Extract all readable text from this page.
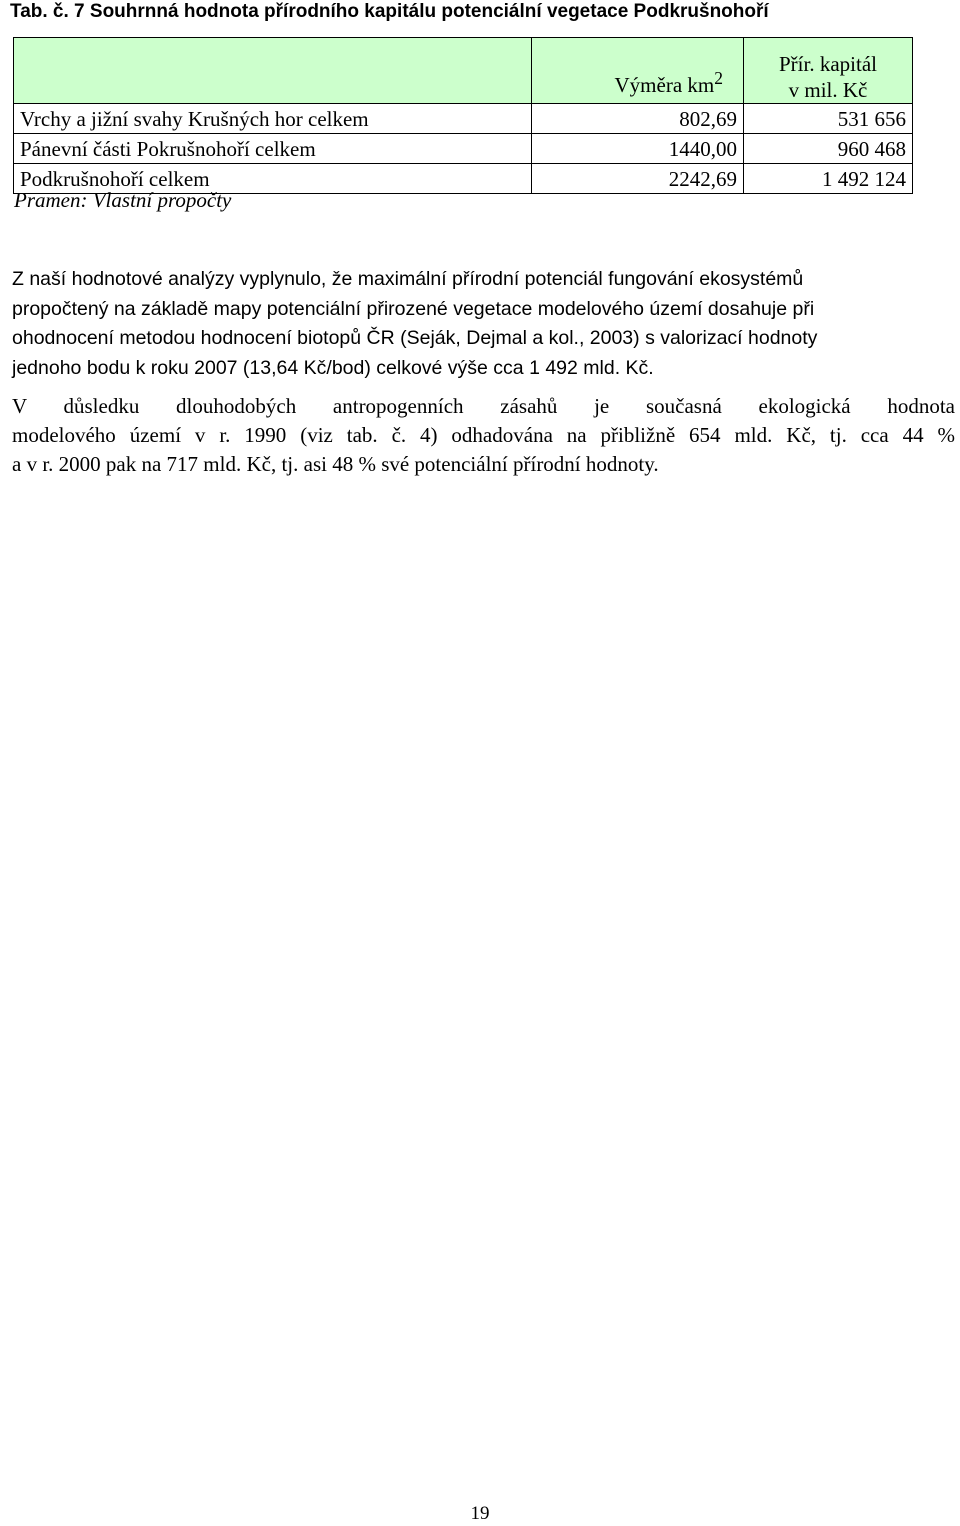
Tab. č. 7 Souhrnná hodnota přírodního kapitálu potenciální vegetace Podkrušnohoří
	Výměra $km^2$	Přír. kapitál
v mil. Kč

Vrchy a jižní svahy Krušných hor celkem	802,69	531 656
Pánevní části Pokrušnohoří celkem	1440,00	960 468
Podkrušnohoří celkem	2242,69	1 492 124
Pramen: Vlastní propočty

Z naší hodnotové analýzy vyplynulo, že maximální přírodní potenciál fungování ekosystémů
propočtený na základě mapy potenciální přirozené vegetace modelového území dosahuje při
ohodnocení metodou hodnocení biotopů ČR (Seják, Dejmal a kol., 2003) s valorizací hodnoty
jednoho bodu k roku 2007 (13,64 Kč/bod) celkové výše cca 1 492 mld. Kč.

V důsledku dlouhodobých antropogenních zásahů je současná ekologická hodnota
modelového území v r. 1990 (viz tab. č. 4) odhadována na přibližně 654 mld. Kč, tj. cca 44 %
a v r. 2000 pak na 717 mld. Kč, tj. asi 48 % své potenciální přírodní hodnoty.

19
